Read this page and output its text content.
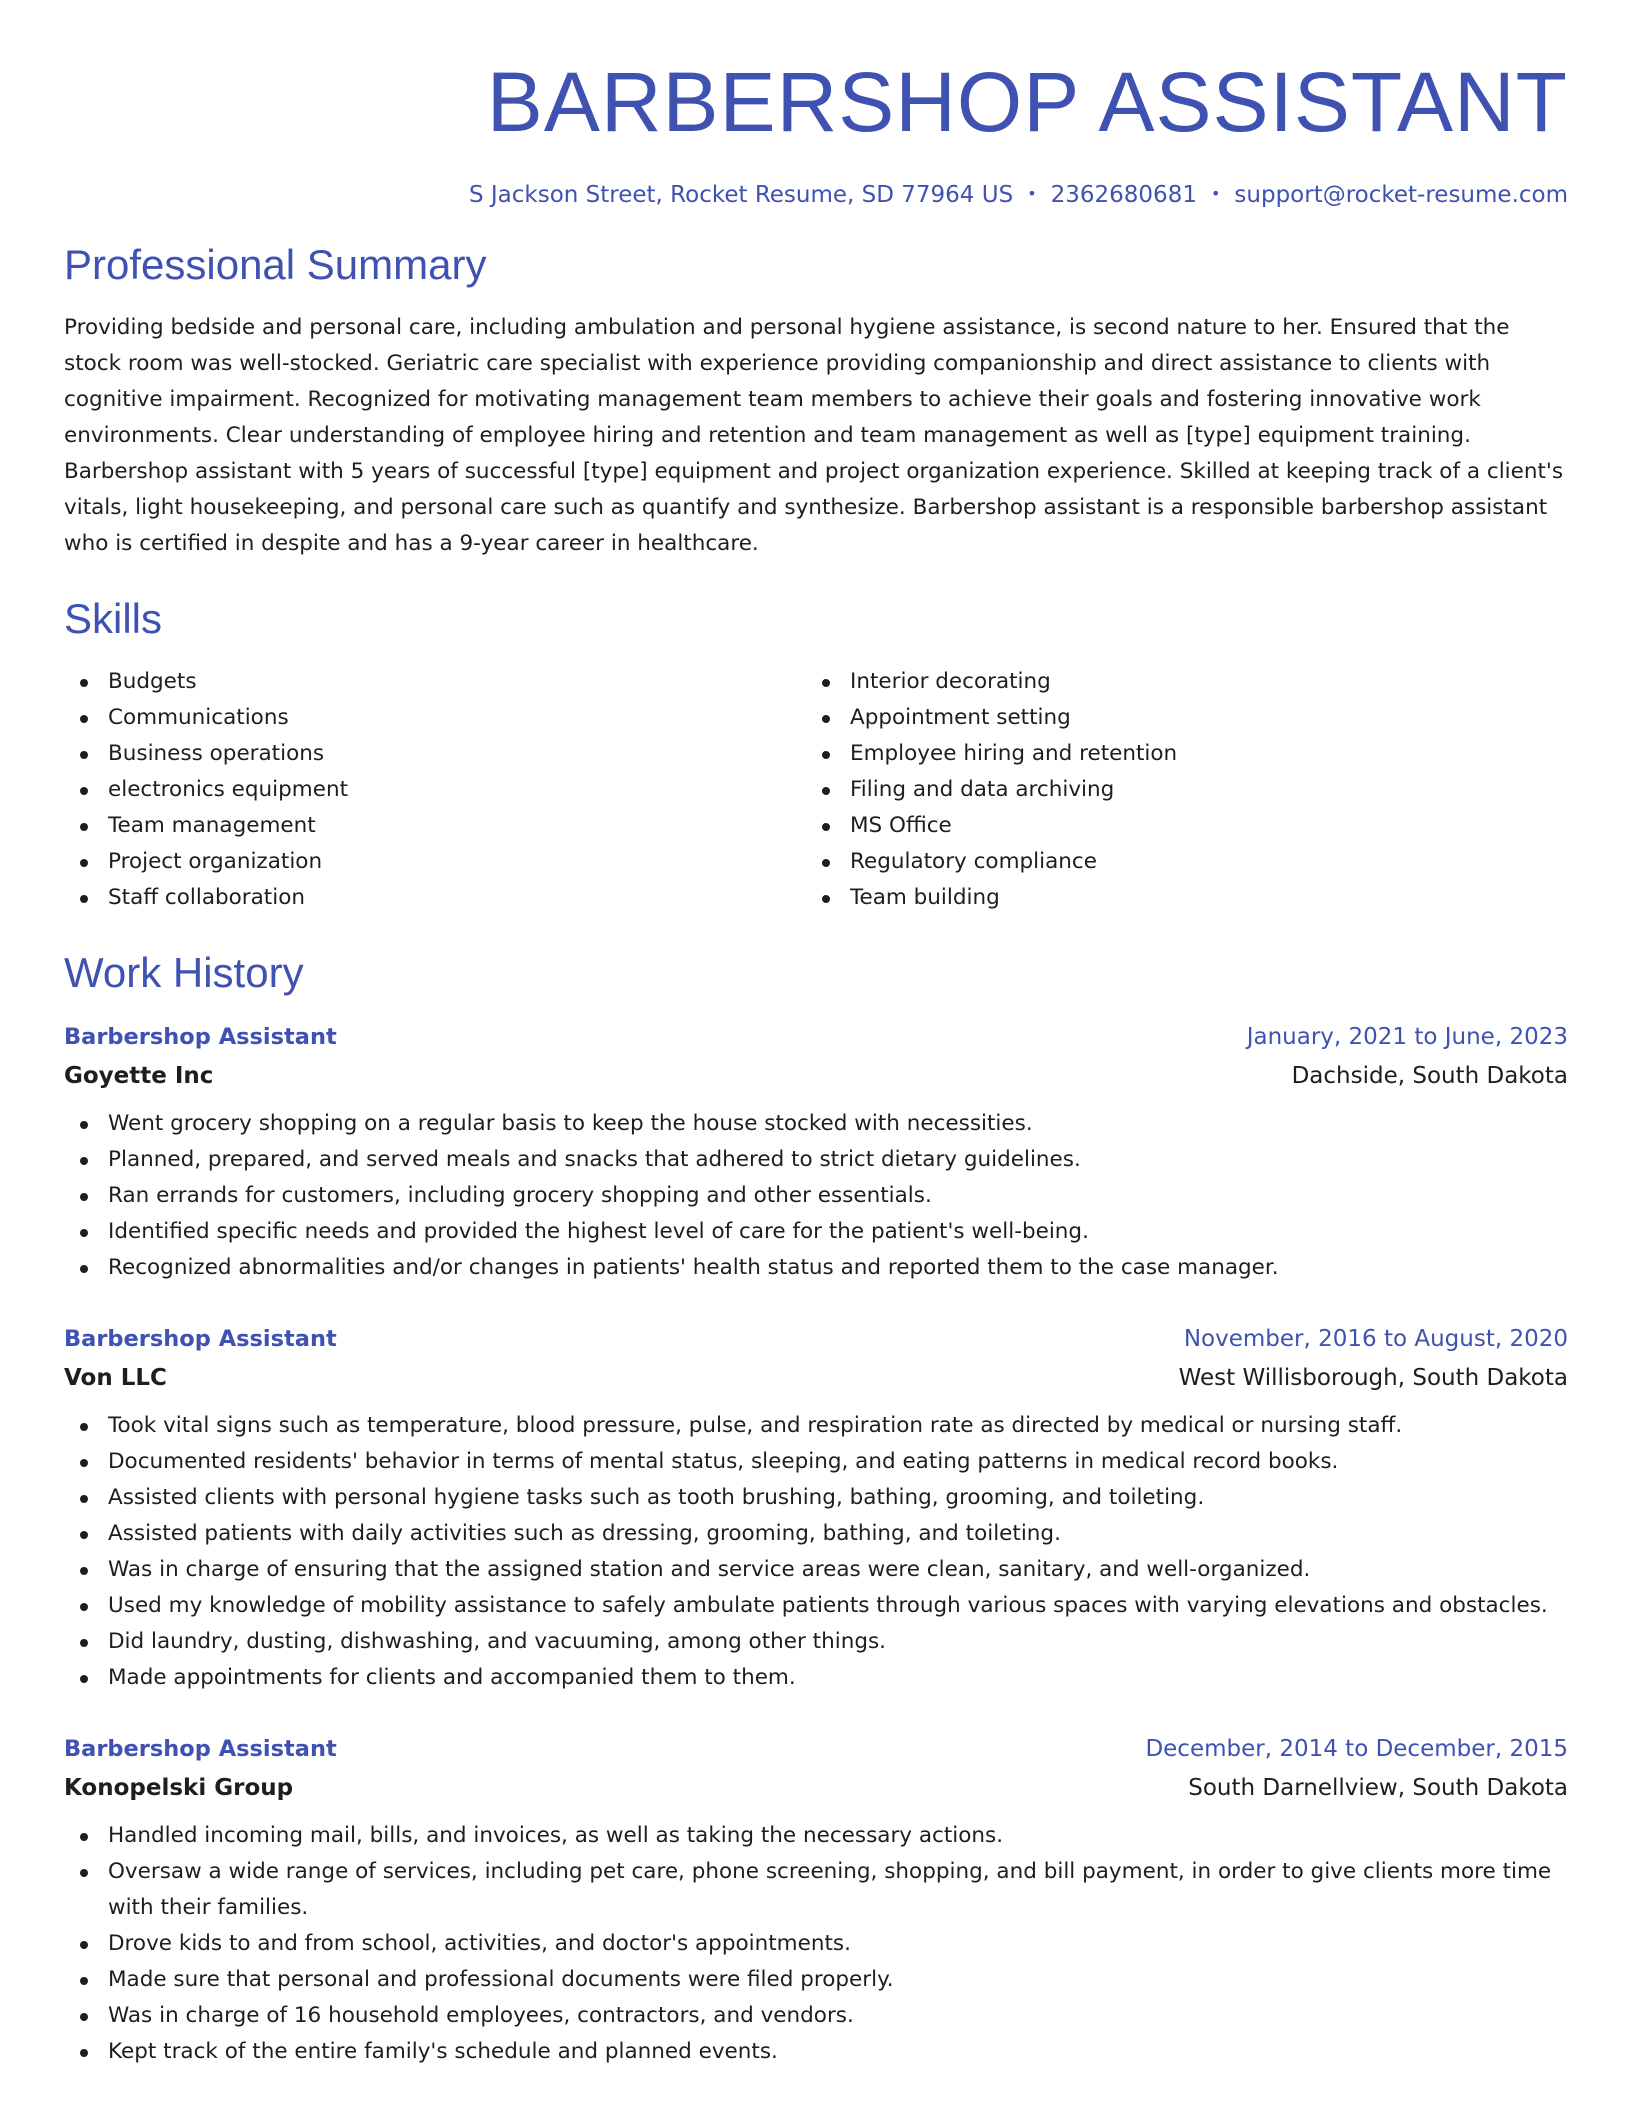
BARBERSHOP ASSISTANT
S Jackson Street, Rocket Resume, SD 77964 US • 2362680681 • support@rocket-resume.com
Professional Summary

Providing bedside and personal care, including ambulation and personal hygiene assistance, is second nature to her. Ensured that the stock room was well-stocked. Geriatric care specialist with experience providing companionship and direct assistance to clients with cognitive impairment. Recognized for motivating management team members to achieve their goals and fostering innovative work environments. Clear understanding of employee hiring and retention and team management as well as [type] equipment training. Barbershop assistant with 5 years of successful [type] equipment and project organization experience. Skilled at keeping track of a client's vitals, light housekeeping, and personal care such as quantify and synthesize. Barbershop assistant is a responsible barbershop assistant who is certified in despite and has a 9-year career in healthcare.

Skills
Budgets
Communications
Business operations
electronics equipment
Team management
Project organization
Staff collaboration
Interior decorating
Appointment setting
Employee hiring and retention
Filing and data archiving
MS Office
Regulatory compliance
Team building
Work History
Barbershop Assistant	January, 2021 to June, 2023
Goyette Inc	Dachside, South Dakota
Went grocery shopping on a regular basis to keep the house stocked with necessities.
Planned, prepared, and served meals and snacks that adhered to strict dietary guidelines.
Ran errands for customers, including grocery shopping and other essentials.
Identified specific needs and provided the highest level of care for the patient's well-being.
Recognized abnormalities and/or changes in patients' health status and reported them to the case manager.
Barbershop Assistant	November, 2016 to August, 2020
Von LLC	West Willisborough, South Dakota
Took vital signs such as temperature, blood pressure, pulse, and respiration rate as directed by medical or nursing staff.
Documented residents' behavior in terms of mental status, sleeping, and eating patterns in medical record books.
Assisted clients with personal hygiene tasks such as tooth brushing, bathing, grooming, and toileting.
Assisted patients with daily activities such as dressing, grooming, bathing, and toileting.
Was in charge of ensuring that the assigned station and service areas were clean, sanitary, and well-organized.
Used my knowledge of mobility assistance to safely ambulate patients through various spaces with varying elevations and obstacles.
Did laundry, dusting, dishwashing, and vacuuming, among other things.
Made appointments for clients and accompanied them to them.
Barbershop Assistant	December, 2014 to December, 2015
Konopelski Group	South Darnellview, South Dakota
Handled incoming mail, bills, and invoices, as well as taking the necessary actions.
Oversaw a wide range of services, including pet care, phone screening, shopping, and bill payment, in order to give clients more time with their families.
Drove kids to and from school, activities, and doctor's appointments.
Made sure that personal and professional documents were filed properly.
Was in charge of 16 household employees, contractors, and vendors.
Kept track of the entire family's schedule and planned events.
